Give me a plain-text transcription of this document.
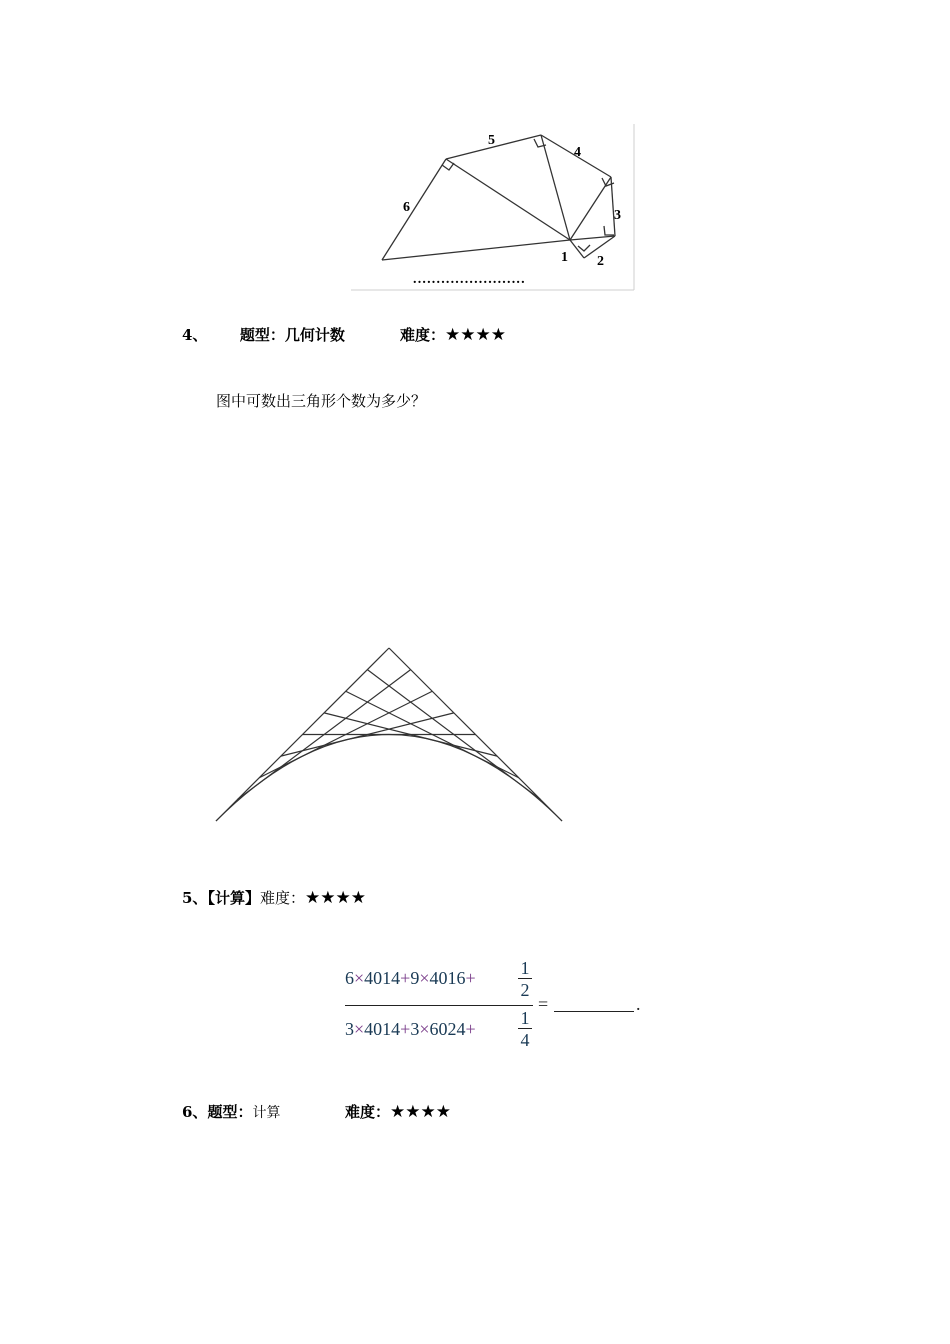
5
4
6
3
1 2
........................
4、 题型：几何计数	难度：★★★★
图中可数出三角形个数为多少？
5、【计算】难度：★★★★
6×4014+9×4016+ 1
2
=	.
3×4014+3×6024+
1
4
6、题型：计算	难度：★★★★
